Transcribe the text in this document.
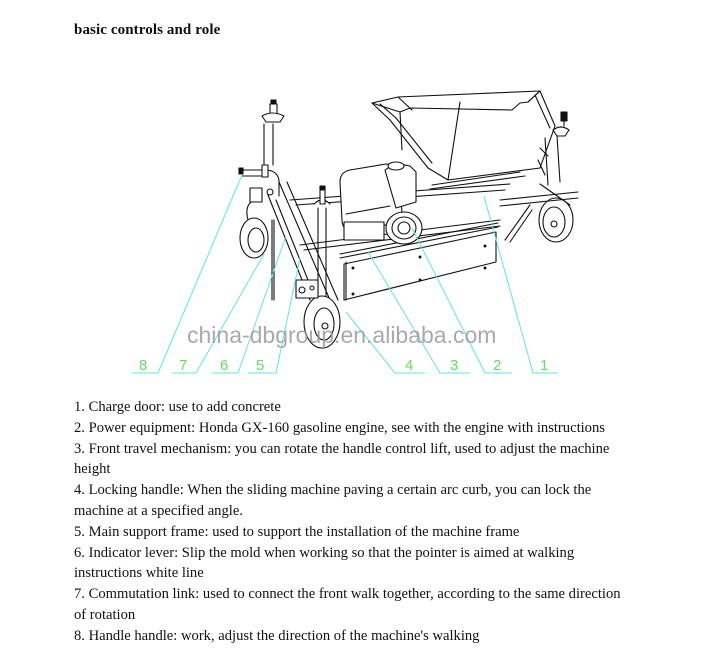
basic controls and role
china-dbgroup.en.alibaba.com
8 7 6 5	4 3 2	1
1. Charge door: use to add concrete
2. Power equipment: Honda GX-160 gasoline engine, see with the engine with instructions
3. Front travel mechanism: you can rotate the handle control lift, used to adjust the machine height
4. Locking handle: When the sliding machine paving a certain arc curb, you can lock the machine at a specified angle.
5. Main support frame: used to support the installation of the machine frame
6. Indicator lever: Slip the mold when working so that the pointer is aimed at walking instructions white line
7. Commutation link: used to connect the front walk together, according to the same direction of rotation
8. Handle handle: work, adjust the direction of the machine's walking
